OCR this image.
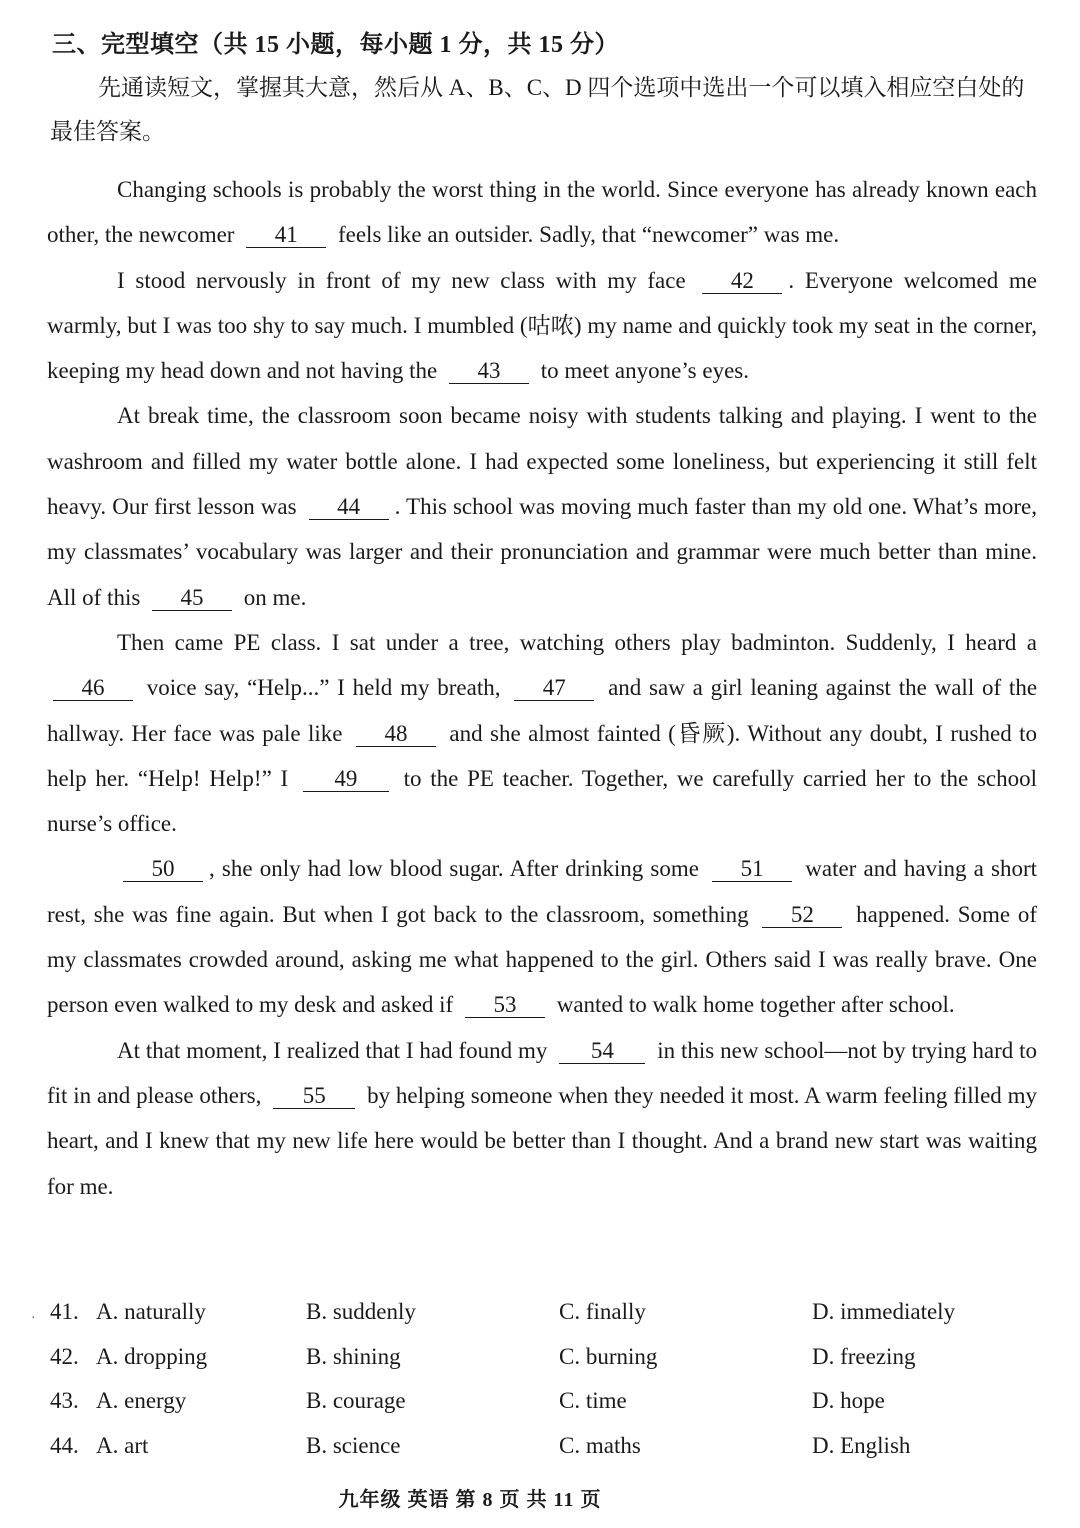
三、完型填空（共 15 小题，每小题 1 分，共 15 分）
先通读短文，掌握其大意，然后从 A、B、C、D 四个选项中选出一个可以填入相应空白处的最佳答案。

Changing schools is probably the worst thing in the world. Since everyone has already known each other, the newcomer 41 feels like an outsider. Sadly, that “newcomer” was me.

I stood nervously in front of my new class with my face 42 . Everyone welcomed me warmly, but I was too shy to say much. I mumbled (咕哝) my name and quickly took my seat in the corner, keeping my head down and not having the 43 to meet anyone’s eyes.

At break time, the classroom soon became noisy with students talking and playing. I went to the washroom and filled my water bottle alone. I had expected some loneliness, but experiencing it still felt heavy. Our first lesson was 44 . This school was moving much faster than my old one. What’s more, my classmates’ vocabulary was larger and their pronunciation and grammar were much better than mine. All of this 45 on me.

Then came PE class. I sat under a tree, watching others play badminton. Suddenly, I heard a 46 voice say, “Help...” I held my breath, 47 and saw a girl leaning against the wall of the hallway. Her face was pale like 48 and she almost fainted (昏厥). Without any doubt, I rushed to help her. “Help! Help!” I 49 to the PE teacher. Together, we carefully carried her to the school nurse’s office.

50 , she only had low blood sugar. After drinking some 51 water and having a short rest, she was fine again. But when I got back to the classroom, something 52 happened. Some of my classmates crowded around, asking me what happened to the girl. Others said I was really brave. One person even walked to my desk and asked if 53 wanted to walk home together after school.

At that moment, I realized that I had found my 54 in this new school—not by trying hard to fit in and please others, 55 by helping someone when they needed it most. A warm feeling filled my heart, and I knew that my new life here would be better than I thought. And a brand new start was waiting for me.

· 41. A. naturally	B. suddenly	C. finally	D. immediately
42. A. dropping	B. shining	C. burning	D. freezing
43. A. energy	B. courage	C. time	D. hope
44. A. art	B. science	C. maths	D. English
九年级 英语 第 8 页 共 11 页
